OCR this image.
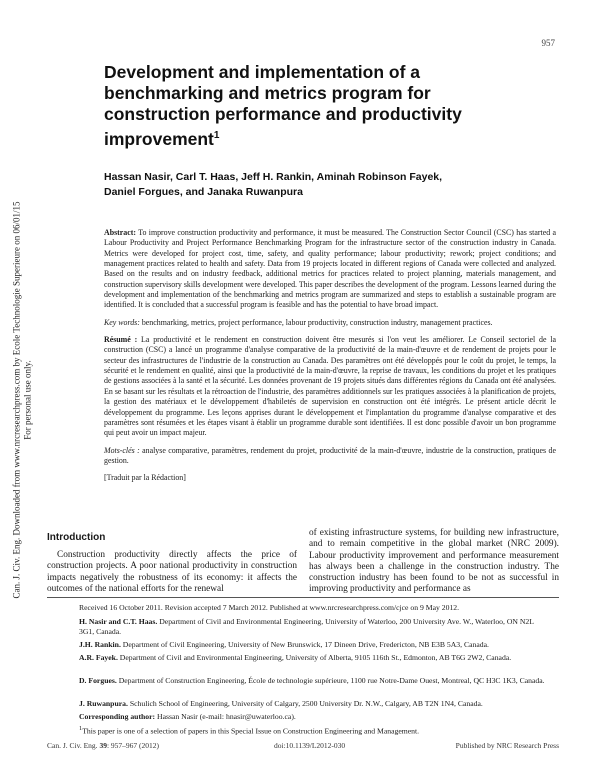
957
Can. J. Civ. Eng. Downloaded from www.nrcresearchpress.com by Ecole Technologie Superieure on 06/01/15 For personal use only.
Development and implementation of a benchmarking and metrics program for construction performance and productivity improvement$^1$
Hassan Nasir, Carl T. Haas, Jeff H. Rankin, Aminah Robinson Fayek,
Daniel Forgues, and Janaka Ruwanpura

Abstract: To improve construction productivity and performance, it must be measured. The Construction Sector Council (CSC) has started a Labour Productivity and Project Performance Benchmarking Program for the infrastructure sector of the construction industry in Canada. Metrics were developed for project cost, time, safety, and quality performance; labour productivity; rework; project conditions; and management practices related to health and safety. Data from 19 projects located in different regions of Canada were collected and analyzed. Based on the results and on industry feedback, additional metrics for practices related to project planning, materials management, and construction supervisory skills development were developed. This paper describes the development of the program. Lessons learned during the development and implementation of the benchmarking and metrics program are summarized and steps to establish a sustainable program are identified. It is concluded that a successful program is feasible and has the potential to have broad impact.

Key words: benchmarking, metrics, project performance, labour productivity, construction industry, management practices.

Résumé : La productivité et le rendement en construction doivent être mesurés si l'on veut les améliorer. Le Conseil sectoriel de la construction (CSC) a lancé un programme d'analyse comparative de la productivité de la main-d'œuvre et de rendement de projets pour le secteur des infrastructures de l'industrie de la construction au Canada. Des paramètres ont été développés pour le coût du projet, le temps, la sécurité et le rendement en qualité, ainsi que la productivité de la main-d'œuvre, la reprise de travaux, les conditions du projet et les pratiques de gestions associées à la santé et la sécurité. Les données provenant de 19 projets situés dans différentes régions du Canada ont été analysées. En se basant sur les résultats et la rétroaction de l'industrie, des paramètres additionnels sur les pratiques associées à la planification de projets, la gestion des matériaux et le développement d'habiletés de supervision en construction ont été intégrés. Le présent article décrit le développement du programme. Les leçons apprises durant le développement et l'implantation du programme d'analyse comparative et des paramètres sont résumées et les étapes visant à établir un programme durable sont identifiées. Il est donc possible d'avoir un bon programme qui peut avoir un impact majeur.

Mots-clés : analyse comparative, paramètres, rendement du projet, productivité de la main-d'œuvre, industrie de la construction, pratiques de gestion.

[Traduit par la Rédaction]

Introduction

Construction productivity directly affects the price of construction projects. A poor national productivity in construction impacts negatively the robustness of its economy: it affects the outcomes of the national efforts for the renewal

of existing infrastructure systems, for building new infrastructure, and to remain competitive in the global market (NRC 2009). Labour productivity improvement and performance measurement has always been a challenge in the construction industry. The construction industry has been found to be not as successful in improving productivity and performance as

Received 16 October 2011. Revision accepted 7 March 2012. Published at www.nrcresearchpress.com/cjce on 9 May 2012.
H. Nasir and C.T. Haas. Department of Civil and Environmental Engineering, University of Waterloo, 200 University Ave. W., Waterloo, ON N2L 3G1, Canada.
J.H. Rankin. Department of Civil Engineering, University of New Brunswick, 17 Dineen Drive, Fredericton, NB E3B 5A3, Canada.
A.R. Fayek. Department of Civil and Environmental Engineering, University of Alberta, 9105 116th St., Edmonton, AB T6G 2W2, Canada.
D. Forgues. Department of Construction Engineering, École de technologie supérieure, 1100 rue Notre-Dame Ouest, Montreal, QC H3C 1K3, Canada.
J. Ruwanpura. Schulich School of Engineering, University of Calgary, 2500 University Dr. N.W., Calgary, AB T2N 1N4, Canada.
Corresponding author: Hassan Nasir (e-mail: hnasir@uwaterloo.ca).
$^1$This paper is one of a selection of papers in this Special Issue on Construction Engineering and Management.
Can. J. Civ. Eng. 39: 957–967 (2012)	doi:10.1139/L2012-030	Published by NRC Research Press
